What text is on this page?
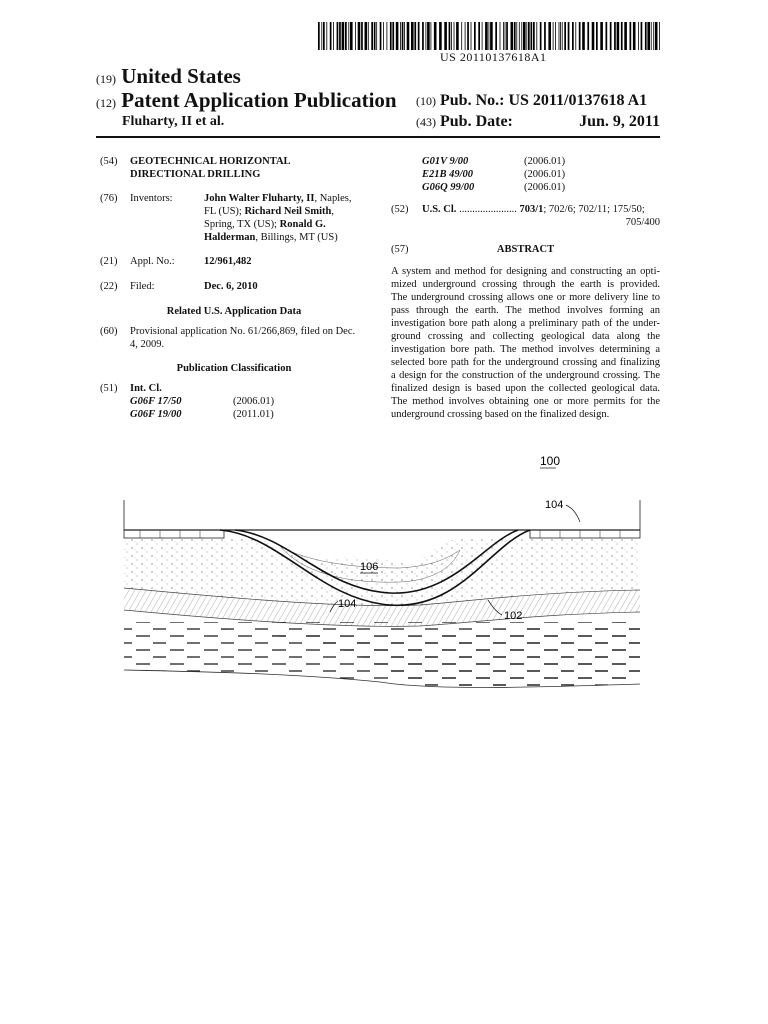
US 20110137618A1
(19) United States
(12) Patent Application Publication
Fluharty, II et al.
(10) Pub. No.: US 2011/0137618 A1
(43) Pub. Date:	Jun. 9, 2011
(54) GEOTECHNICAL HORIZONTAL
DIRECTIONAL DRILLING
(76) Inventors:	John Walter Fluharty, II, Naples,
FL (US); Richard Neil Smith,
Spring, TX (US); Ronald G.
Halderman, Billings, MT (US)
(21) Appl. No.:	12/961,482
(22) Filed:	Dec. 6, 2010
Related U.S. Application Data
(60) Provisional application No. 61/266,869, filed on Dec.
4, 2009.
Publication Classification
(51) Int. Cl.
G06F 17/50	(2006.01)
G06F 19/00	(2011.01)
G01V 9/00	(2006.01)
E21B 49/00	(2006.01)
G06Q 99/00	(2006.01)
(52) U.S. Cl. ...................... 703/1; 702/6; 702/11; 175/50;
705/400
(57)	ABSTRACT
A system and method for designing and constructing an opti-
mized underground crossing through the earth is provided.
The underground crossing allows one or more delivery line to
pass through the earth. The method involves forming an
investigation bore path along a preliminary path of the under-
ground crossing and collecting geological data along the
investigation bore path. The method involves determining a
selected bore path for the underground crossing and finalizing
a design for the construction of the underground crossing. The
finalized design is based upon the collected geological data.
The method involves obtaining one or more permits for the
underground crossing based on the finalized design.
100
104
106
104
102
